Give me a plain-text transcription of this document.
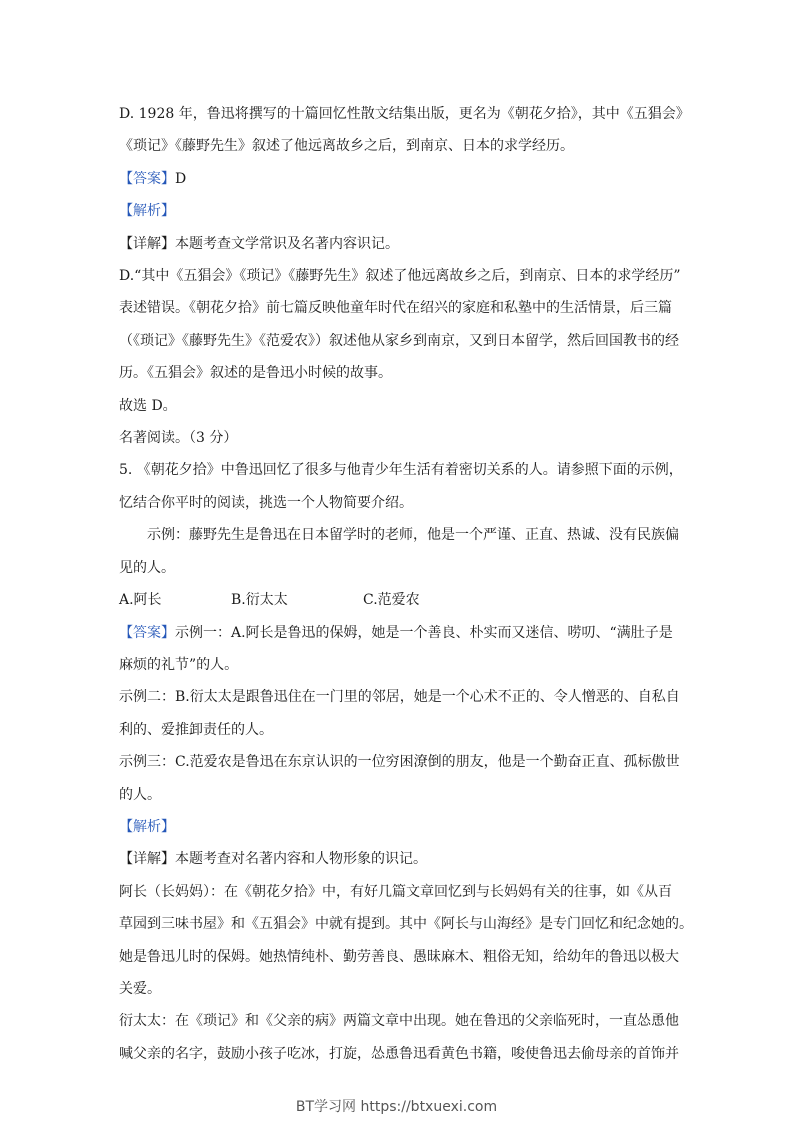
D. 1928 年，鲁迅将撰写的十篇回忆性散文结集出版，更名为《朝花夕拾》，其中《五猖会》

《琐记》《藤野先生》叙述了他远离故乡之后，到南京、日本的求学经历。

【答案】D

【解析】

【详解】本题考查文学常识及名著内容识记。

D.“其中《五猖会》《琐记》《藤野先生》叙述了他远离故乡之后，到南京、日本的求学经历”

表述错误。《朝花夕拾》前七篇反映他童年时代在绍兴的家庭和私塾中的生活情景，后三篇

（《琐记》《藤野先生》《范爱农》）叙述他从家乡到南京，又到日本留学，然后回国教书的经

历。《五猖会》叙述的是鲁迅小时候的故事。

故选 D。

名著阅读。（3 分）

5. 《朝花夕拾》中鲁迅回忆了很多与他青少年生活有着密切关系的人。请参照下面的示例，

忆结合你平时的阅读，挑选一个人物简要介绍。

示例：藤野先生是鲁迅在日本留学时的老师，他是一个严谨、正直、热诚、没有民族偏

见的人。

A.阿长	B.衍太太	C.范爱农

【答案】示例一：A.阿长是鲁迅的保姆，她是一个善良、朴实而又迷信、唠叨、“满肚子是

麻烦的礼节”的人。

示例二：B.衍太太是跟鲁迅住在一门里的邻居，她是一个心术不正的、令人憎恶的、自私自

利的、爱推卸责任的人。

示例三：C.范爱农是鲁迅在东京认识的一位穷困潦倒的朋友，他是一个勤奋正直、孤标傲世

的人。

【解析】

【详解】本题考查对名著内容和人物形象的识记。

阿长（长妈妈）：在《朝花夕拾》中，有好几篇文章回忆到与长妈妈有关的往事，如《从百

草园到三味书屋》和《五猖会》中就有提到。其中《阿长与山海经》是专门回忆和纪念她的。

她是鲁迅儿时的保姆。她热情纯朴、勤劳善良、愚昧麻木、粗俗无知，给幼年的鲁迅以极大

关爱。

衍太太：在《琐记》和《父亲的病》两篇文章中出现。她在鲁迅的父亲临死时，一直怂恿他

喊父亲的名字，鼓励小孩子吃冰，打旋，怂恿鲁迅看黄色书籍，唆使鲁迅去偷母亲的首饰并

BT学习网 https://btxuexi.com
